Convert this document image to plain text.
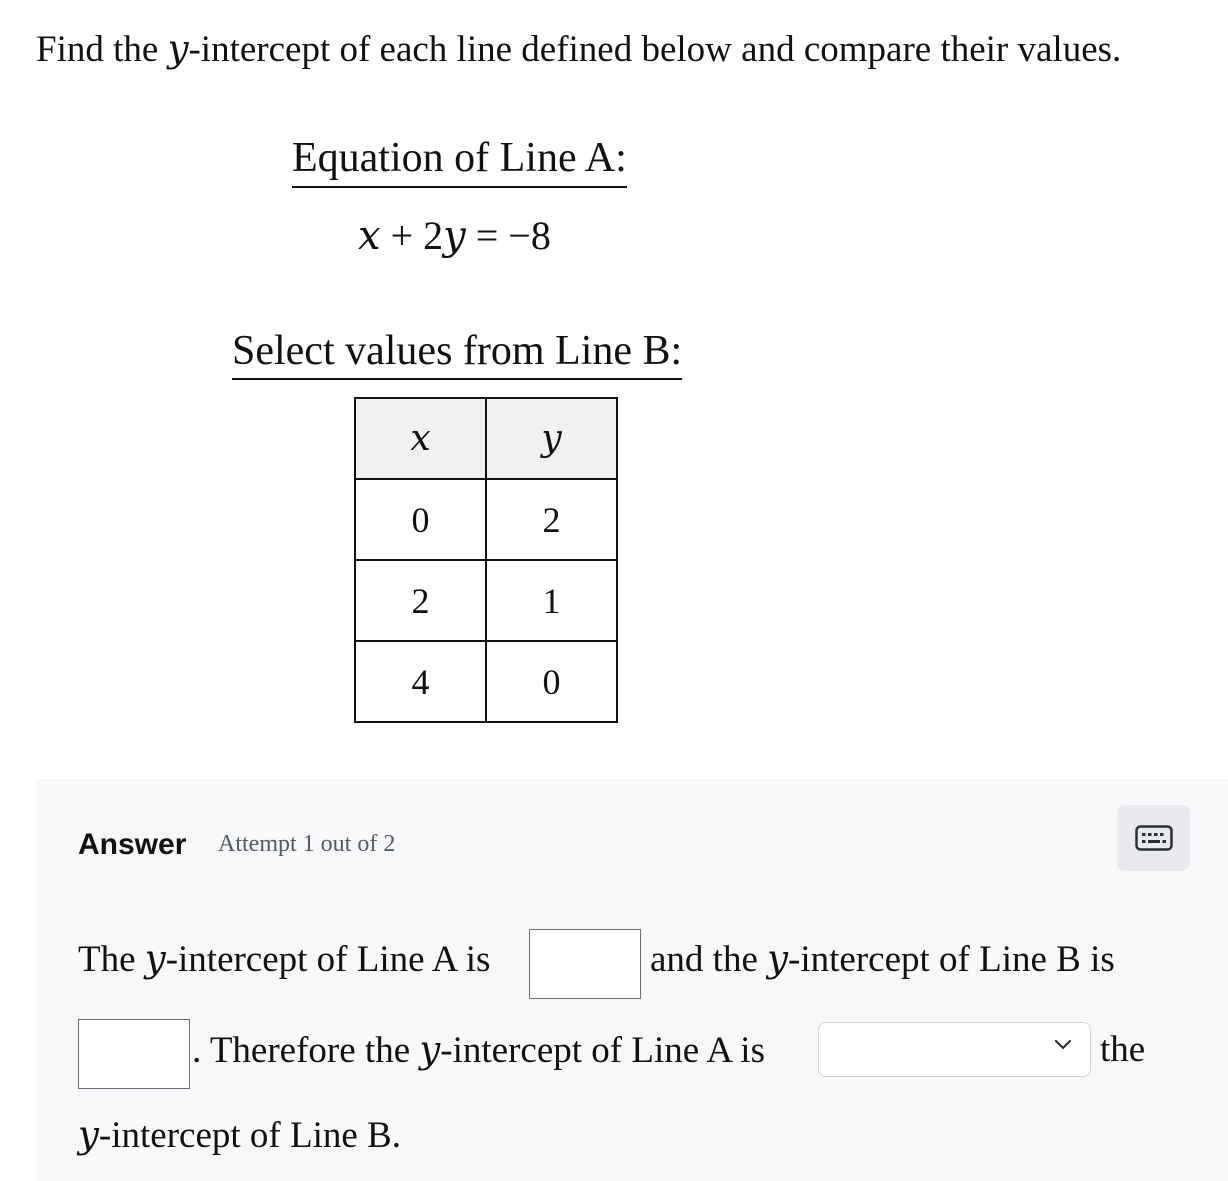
Find the y-intercept of each line defined below and compare their values.
Equation of Line A:
x + 2y = −8
Select values from Line B:
x	y
0	2
2	1
4	0
Answer Attempt 1 out of 2
The y-intercept of Line A is	and the y-intercept of Line B is
. Therefore the y-intercept of Line A is	the
y-intercept of Line B.
